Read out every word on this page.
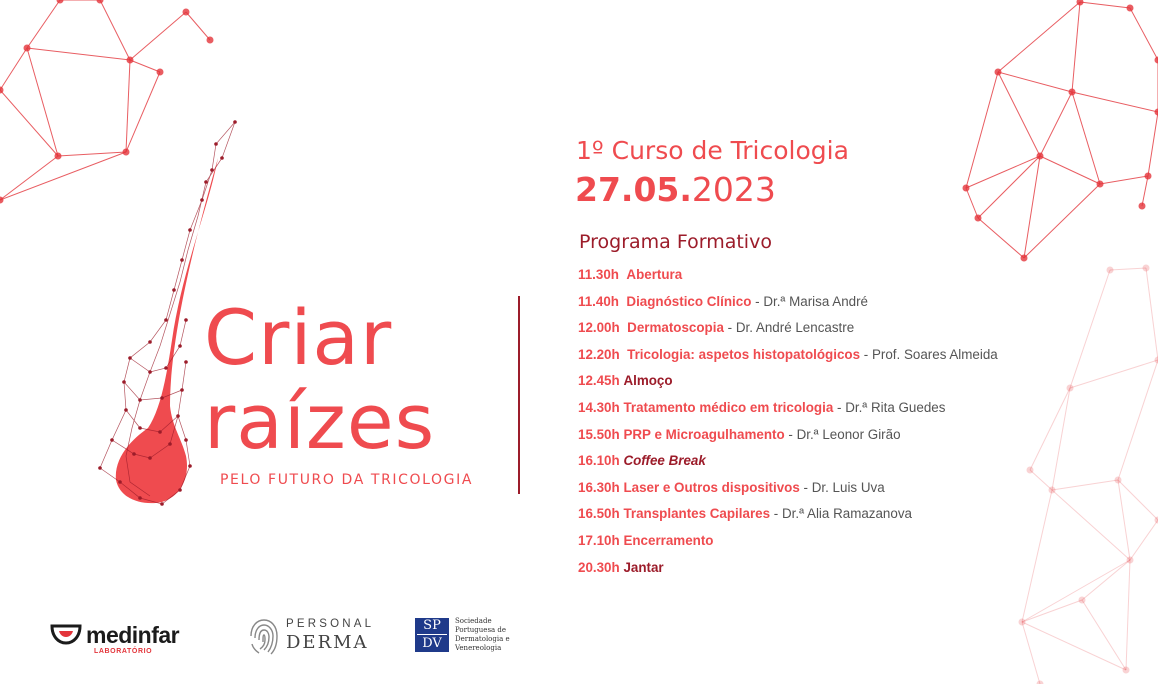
Criar
raízes
PELO FUTURO DA TRICOLOGIA
1º Curso de Tricologia
27.05.2023
Programa Formativo
11.30h Abertura
11.40h Diagnóstico Clínico - Dr.ª Marisa André
12.00h Dermatoscopia - Dr. André Lencastre
12.20h Tricologia: aspetos histopatológicos - Prof. Soares Almeida
12.45h Almoço
14.30h Tratamento médico em tricologia - Dr.ª Rita Guedes
15.50h PRP e Microagulhamento - Dr.ª Leonor Girão
16.10h Coffee Break
16.30h Laser e Outros dispositivos - Dr. Luis Uva
16.50h Transplantes Capilares - Dr.ª Alia Ramazanova
17.10h Encerramento
20.30h Jantar
medinfar
LABORATÓRIO
PERSONAL
DERMA
SP
DV
Sociedade
Portuguesa de
Dermatologia e
Venereologia
